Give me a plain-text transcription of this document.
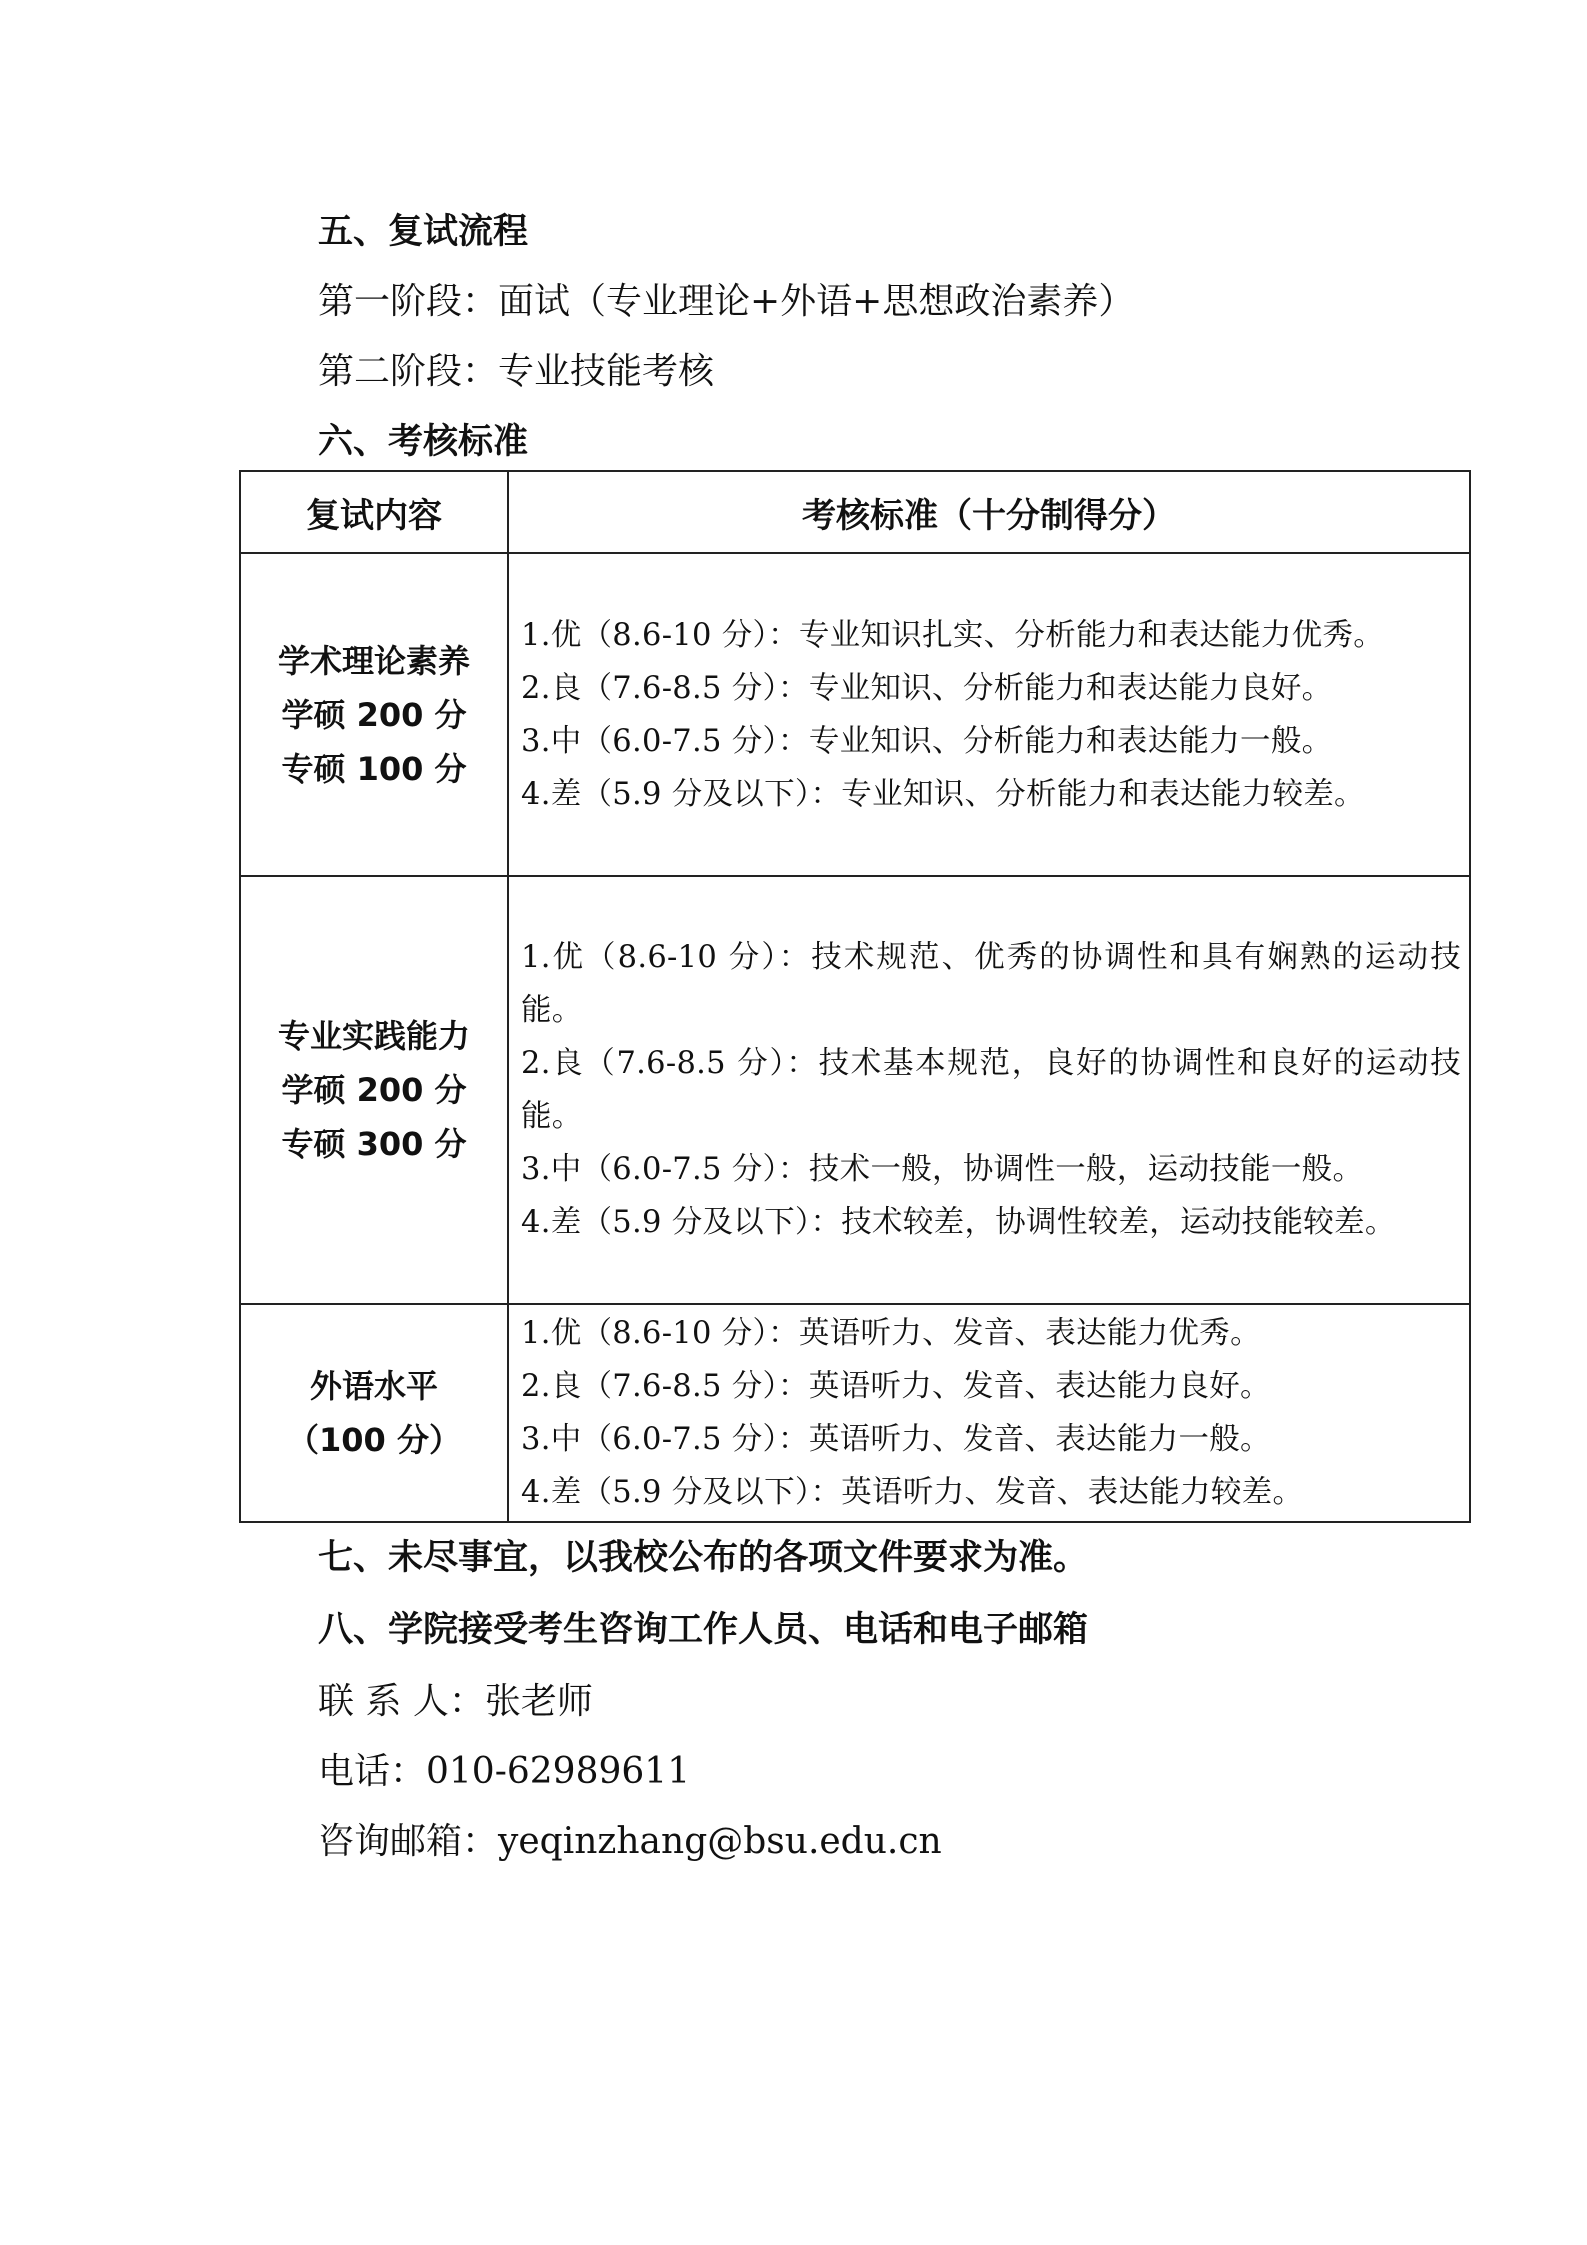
五、复试流程
第一阶段：面试（专业理论+外语+思想政治素养）
第二阶段：专业技能考核
六、考核标准
复试内容	考核标准（十分制得分）

学术理论素养
学硕 200 分
专硕 100 分	1.优（8.6-10 分）：专业知识扎实、分析能力和表达能力优秀。
2.良（7.6-8.5 分）：专业知识、分析能力和表达能力良好。
3.中（6.0-7.5 分）：专业知识、分析能力和表达能力一般。
4.差（5.9 分及以下）：专业知识、分析能力和表达能力较差。

专业实践能力
学硕 200 分
专硕 300 分	1.优（8.6-10 分）：技术规范、优秀的协调性和具有娴熟的运动技能。
2.良（7.6-8.5 分）：技术基本规范，良好的协调性和良好的运动技能。
3.中（6.0-7.5 分）：技术一般，协调性一般，运动技能一般。
4.差（5.9 分及以下）：技术较差，协调性较差，运动技能较差。

外语水平
（100 分）	1.优（8.6-10 分）：英语听力、发音、表达能力优秀。
2.良（7.6-8.5 分）：英语听力、发音、表达能力良好。
3.中（6.0-7.5 分）：英语听力、发音、表达能力一般。
4.差（5.9 分及以下）：英语听力、发音、表达能力较差。
七、未尽事宜，以我校公布的各项文件要求为准。
八、学院接受考生咨询工作人员、电话和电子邮箱
联 系 人：张老师
电话：010-62989611
咨询邮箱：yeqinzhang@bsu.edu.cn
